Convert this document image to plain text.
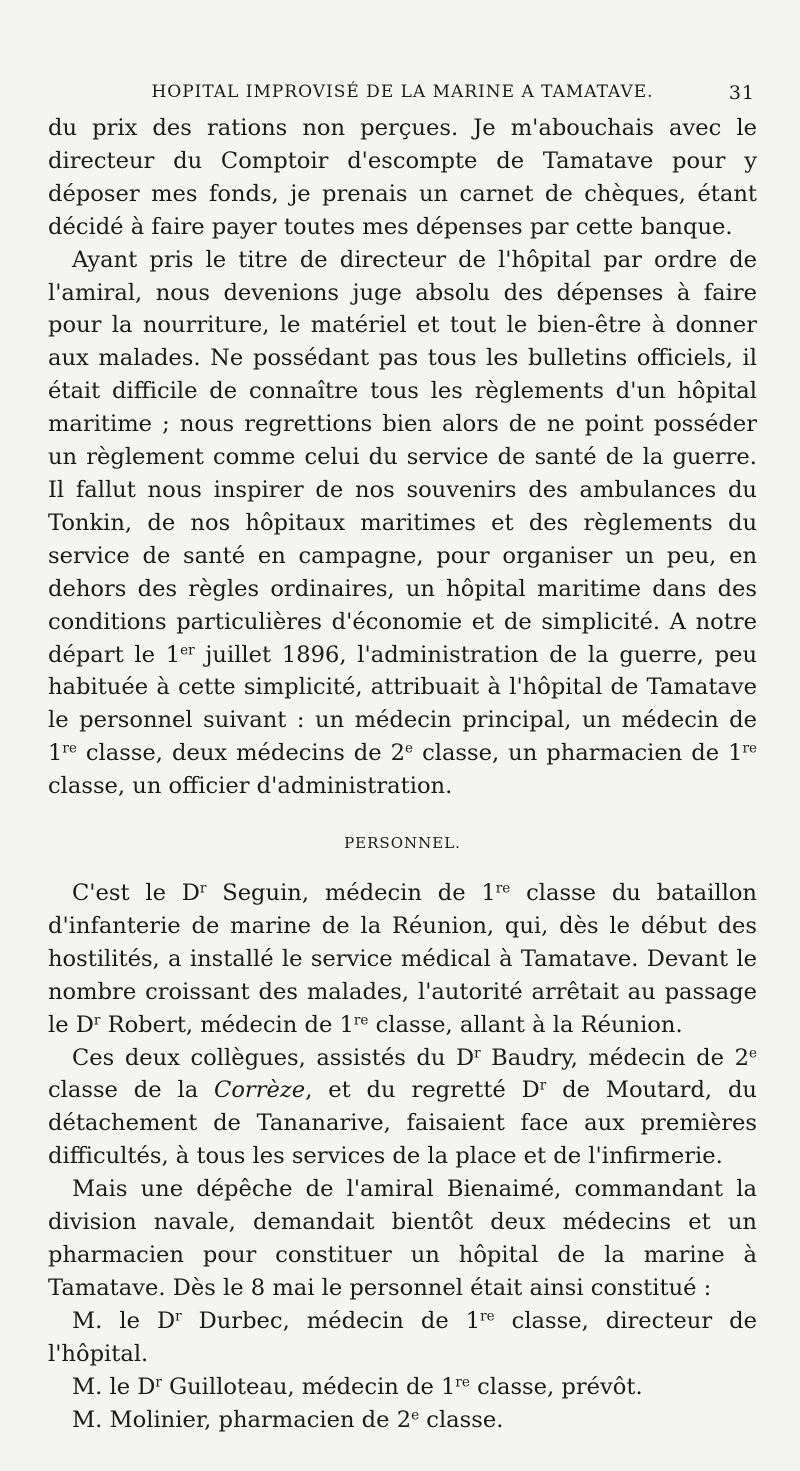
HOPITAL IMPROVISÉ DE LA MARINE A TAMATAVE.	31

du prix des rations non perçues. Je m'abouchais avec le directeur du Comptoir d'escompte de Tamatave pour y déposer mes fonds, je prenais un carnet de chèques, étant décidé à faire payer toutes mes dépenses par cette banque.

Ayant pris le titre de directeur de l'hôpital par ordre de l'amiral, nous devenions juge absolu des dépenses à faire pour la nourriture, le matériel et tout le bien-être à donner aux malades. Ne possédant pas tous les bulletins officiels, il était difficile de connaître tous les règlements d'un hôpital maritime ; nous regrettions bien alors de ne point posséder un règlement comme celui du service de santé de la guerre. Il fallut nous inspirer de nos souvenirs des ambulances du Tonkin, de nos hôpitaux maritimes et des règlements du service de santé en campagne, pour organiser un peu, en dehors des règles ordinaires, un hôpital maritime dans des conditions particulières d'économie et de simplicité. A notre départ le 1er juillet 1896, l'administration de la guerre, peu habituée à cette simplicité, attribuait à l'hôpital de Tamatave le personnel suivant : un médecin principal, un médecin de 1re classe, deux médecins de 2e classe, un pharmacien de 1re classe, un officier d'administration.

PERSONNEL.

C'est le $D^r$ Seguin, médecin de 1re classe du bataillon d'infanterie de marine de la Réunion, qui, dès le début des hostilités, a installé le service médical à Tamatave. Devant le nombre croissant des malades, l'autorité arrêtait au passage le $D^r$ Robert, médecin de 1re classe, allant à la Réunion.

Ces deux collègues, assistés du $D^r$ Baudry, médecin de 2e classe de la Corrèze, et du regretté $D^r$ de Moutard, du détachement de Tananarive, faisaient face aux premières difficultés, à tous les services de la place et de l'infirmerie.

Mais une dépêche de l'amiral Bienaimé, commandant la division navale, demandait bientôt deux médecins et un pharmacien pour constituer un hôpital de la marine à Tamatave. Dès le 8 mai le personnel était ainsi constitué :

M. le $D^r$ Durbec, médecin de 1re classe, directeur de l'hôpital.

M. le $D^r$ Guilloteau, médecin de 1re classe, prévôt.

M. Molinier, pharmacien de 2e classe.
